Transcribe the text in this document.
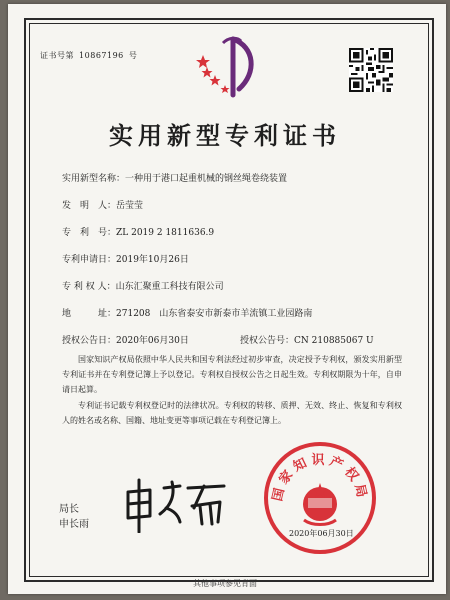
证书号第 10867196 号
实用新型专利证书
实用新型名称：一种用于港口起重机械的钢丝绳卷绕装置
发　明　人：岳莹莹
专　利　号：ZL 2019 2 1811636.9
专利申请日：2019年10月26日
专 利 权 人：山东汇聚重工科技有限公司
地　　　址：271208　山东省泰安市新泰市羊流镇工业园路南
授权公告日：2020年06月30日	授权公告号：CN 210885067 U
国家知识产权局依照中华人民共和国专利法经过初步审查，决定授予专利权，颁发实用新型专利证书并在专利登记簿上予以登记。专利权自授权公告之日起生效。专利权期限为十年，自申请日起算。
专利证书记载专利权登记时的法律状况。专利权的转移、质押、无效、终止、恢复和专利权人的姓名或名称、国籍、地址变更等事项记载在专利登记簿上。
局长
申长雨
国家知识产权局
2020年06月30日
其他事项参见背面
